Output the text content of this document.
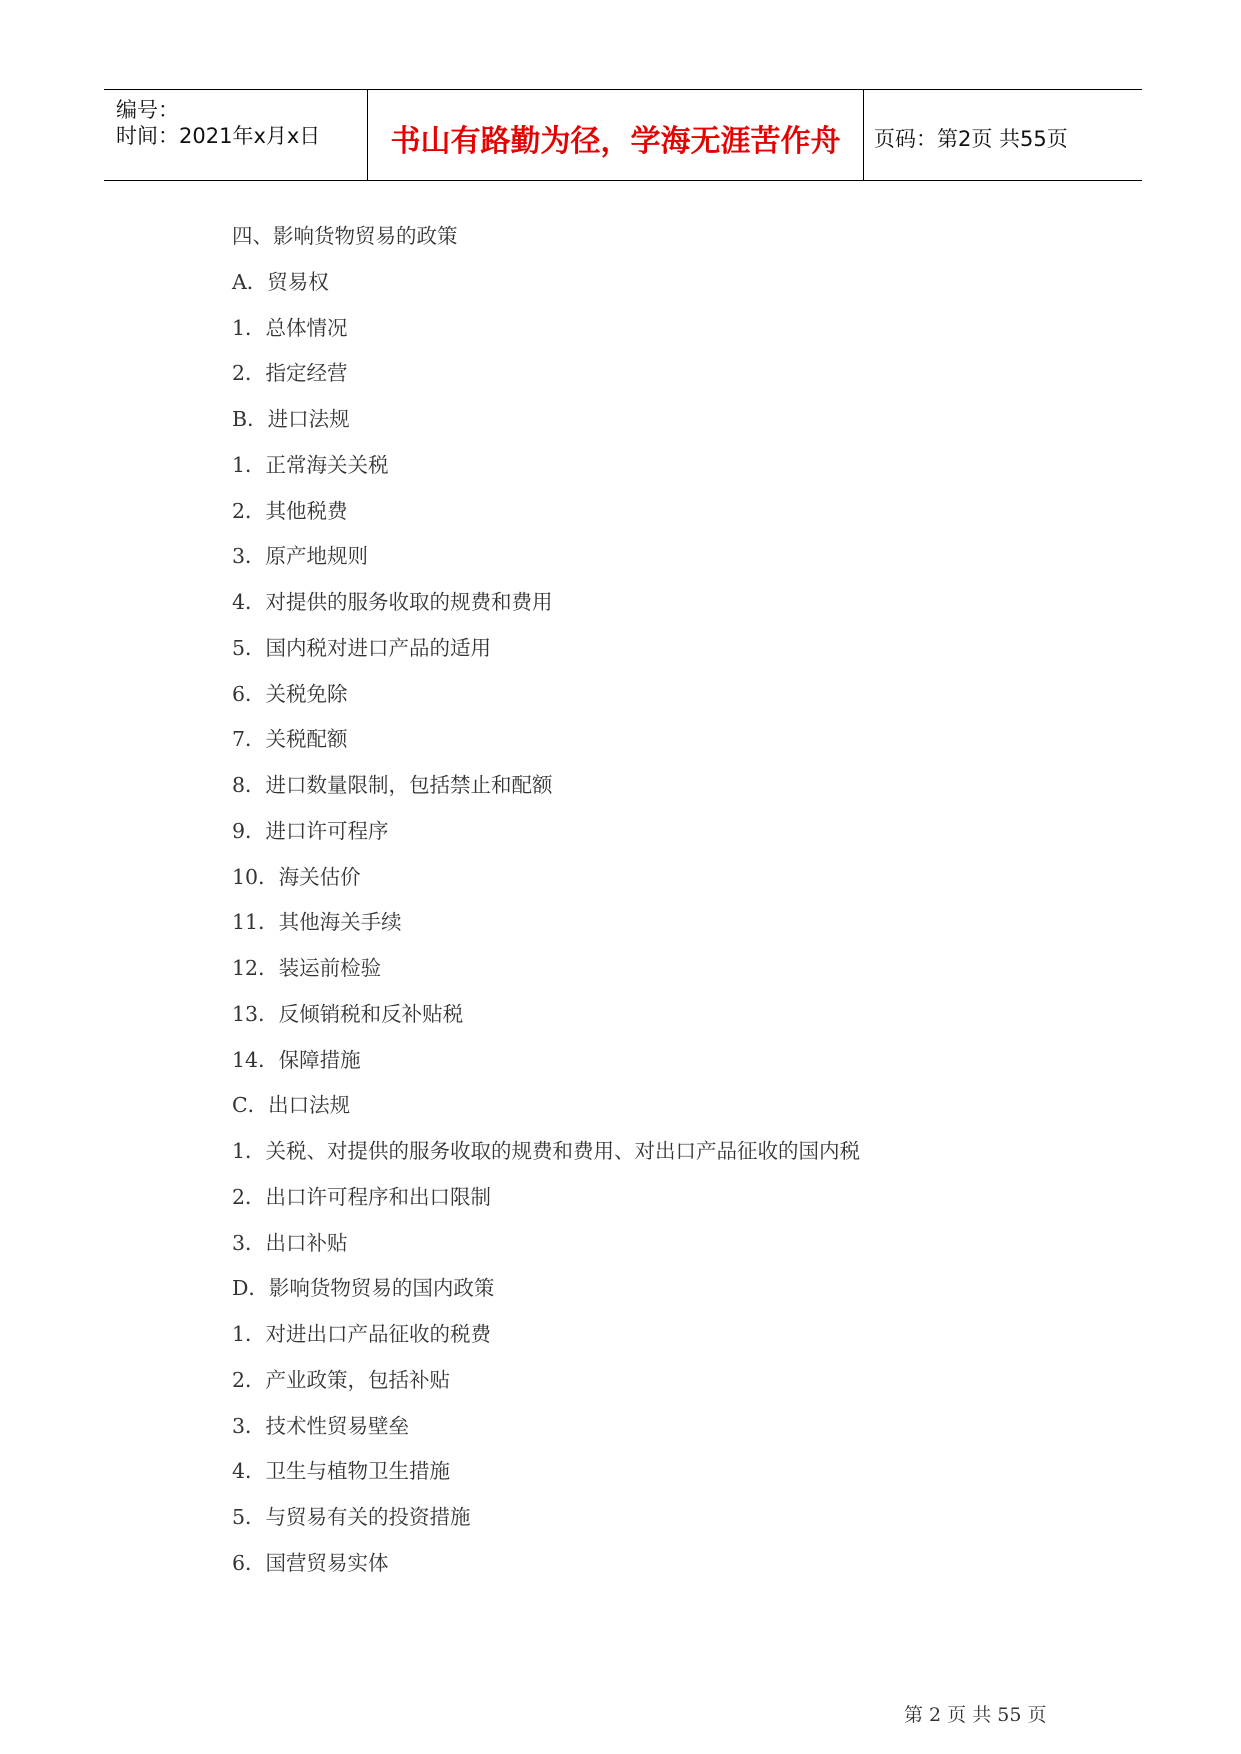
编号：
时间：2021年x月x日	书山有路勤为径，学海无涯苦作舟	页码：第2页 共55页
四、影响货物贸易的政策
A．贸易权
1．总体情况
2．指定经营
B．进口法规
1．正常海关关税
2．其他税费
3．原产地规则
4．对提供的服务收取的规费和费用
5．国内税对进口产品的适用
6．关税免除
7．关税配额
8．进口数量限制，包括禁止和配额
9．进口许可程序
10．海关估价
11．其他海关手续
12．装运前检验
13．反倾销税和反补贴税
14．保障措施
C．出口法规
1．关税、对提供的服务收取的规费和费用、对出口产品征收的国内税
2．出口许可程序和出口限制
3．出口补贴
D．影响货物贸易的国内政策
1．对进出口产品征收的税费
2．产业政策，包括补贴
3．技术性贸易壁垒
4．卫生与植物卫生措施
5．与贸易有关的投资措施
6．国营贸易实体
第 2 页 共 55 页
